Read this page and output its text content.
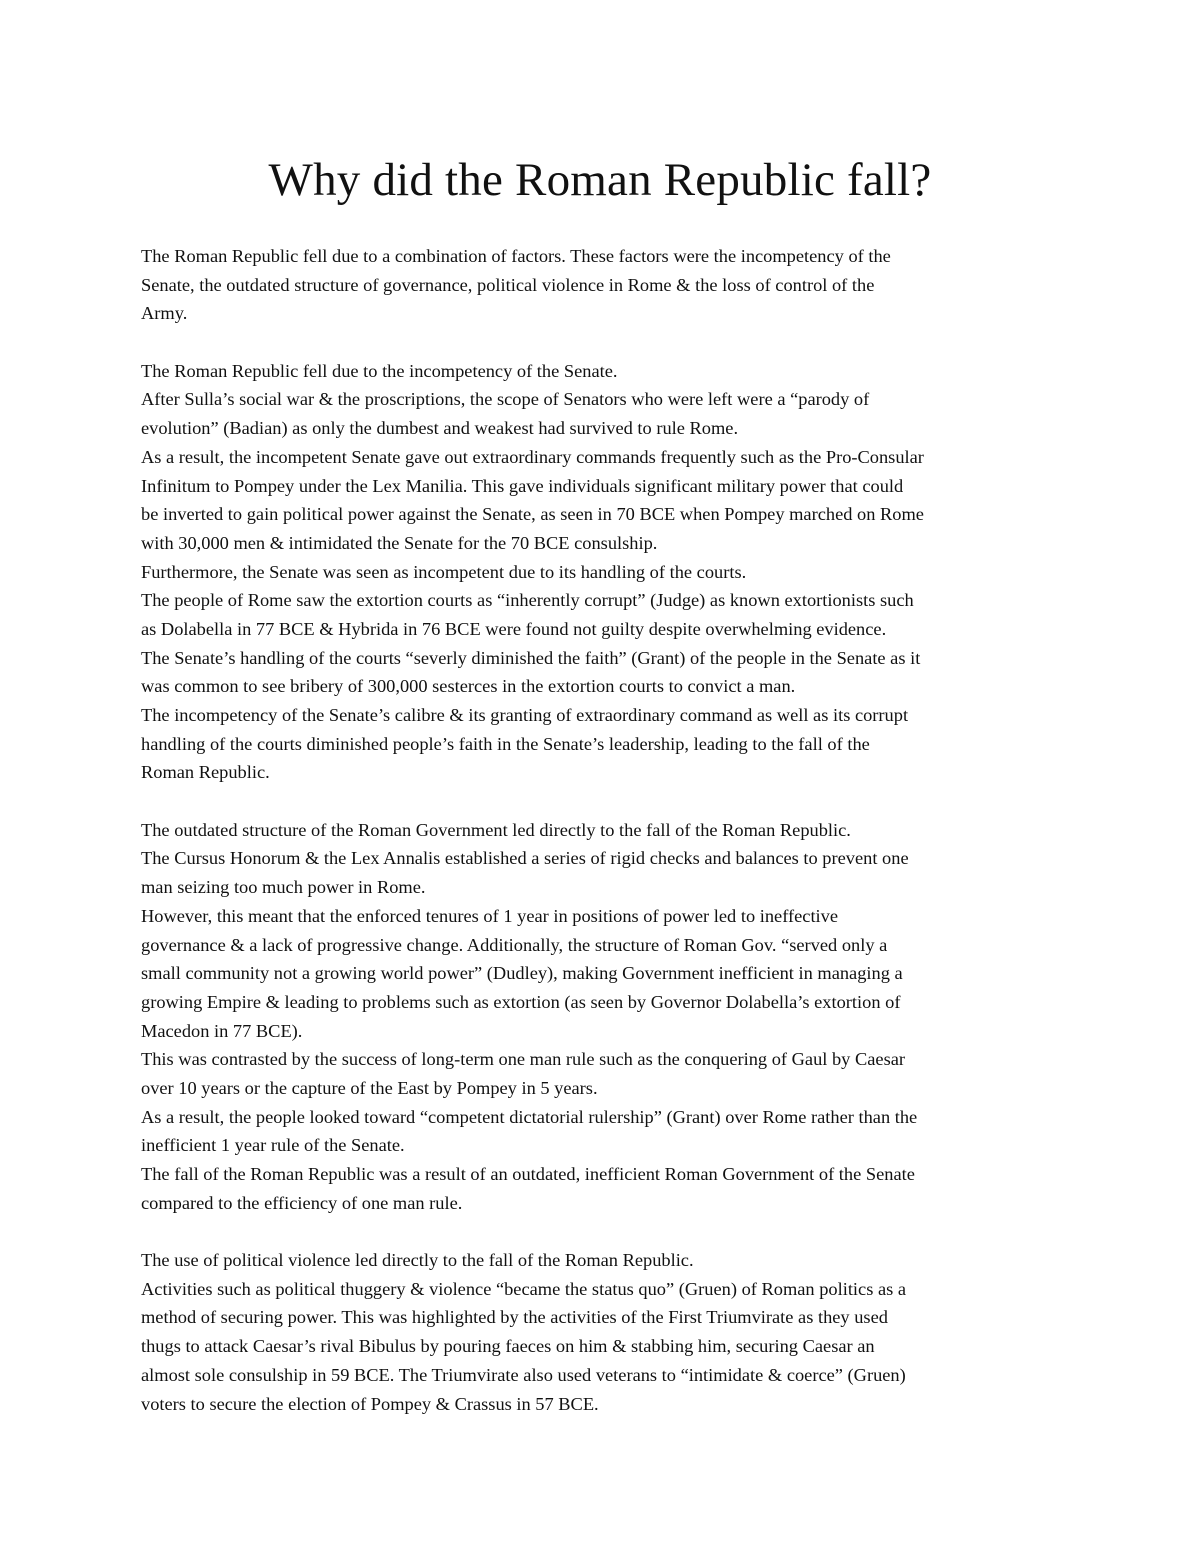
Why did the Roman Republic fall?
The Roman Republic fell due to a combination of factors. These factors were the incompetency of the
Senate, the outdated structure of governance, political violence in Rome & the loss of control of the
Army.
The Roman Republic fell due to the incompetency of the Senate.
After Sulla’s social war & the proscriptions, the scope of Senators who were left were a “parody of
evolution” (Badian) as only the dumbest and weakest had survived to rule Rome.
As a result, the incompetent Senate gave out extraordinary commands frequently such as the Pro-Consular
Infinitum to Pompey under the Lex Manilia. This gave individuals significant military power that could
be inverted to gain political power against the Senate, as seen in 70 BCE when Pompey marched on Rome
with 30,000 men & intimidated the Senate for the 70 BCE consulship.
Furthermore, the Senate was seen as incompetent due to its handling of the courts.
The people of Rome saw the extortion courts as “inherently corrupt” (Judge) as known extortionists such
as Dolabella in 77 BCE & Hybrida in 76 BCE were found not guilty despite overwhelming evidence.
The Senate’s handling of the courts “severly diminished the faith” (Grant) of the people in the Senate as it
was common to see bribery of 300,000 sesterces in the extortion courts to convict a man.
The incompetency of the Senate’s calibre & its granting of extraordinary command as well as its corrupt
handling of the courts diminished people’s faith in the Senate’s leadership, leading to the fall of the
Roman Republic.
The outdated structure of the Roman Government led directly to the fall of the Roman Republic.
The Cursus Honorum & the Lex Annalis established a series of rigid checks and balances to prevent one
man seizing too much power in Rome.
However, this meant that the enforced tenures of 1 year in positions of power led to ineffective
governance & a lack of progressive change. Additionally, the structure of Roman Gov. “served only a
small community not a growing world power” (Dudley), making Government inefficient in managing a
growing Empire & leading to problems such as extortion (as seen by Governor Dolabella’s extortion of
Macedon in 77 BCE).
This was contrasted by the success of long-term one man rule such as the conquering of Gaul by Caesar
over 10 years or the capture of the East by Pompey in 5 years.
As a result, the people looked toward “competent dictatorial rulership” (Grant) over Rome rather than the
inefficient 1 year rule of the Senate.
The fall of the Roman Republic was a result of an outdated, inefficient Roman Government of the Senate
compared to the efficiency of one man rule.
The use of political violence led directly to the fall of the Roman Republic.
Activities such as political thuggery & violence “became the status quo” (Gruen) of Roman politics as a
method of securing power. This was highlighted by the activities of the First Triumvirate as they used
thugs to attack Caesar’s rival Bibulus by pouring faeces on him & stabbing him, securing Caesar an
almost sole consulship in 59 BCE. The Triumvirate also used veterans to “intimidate & coerce” (Gruen)
voters to secure the election of Pompey & Crassus in 57 BCE.
